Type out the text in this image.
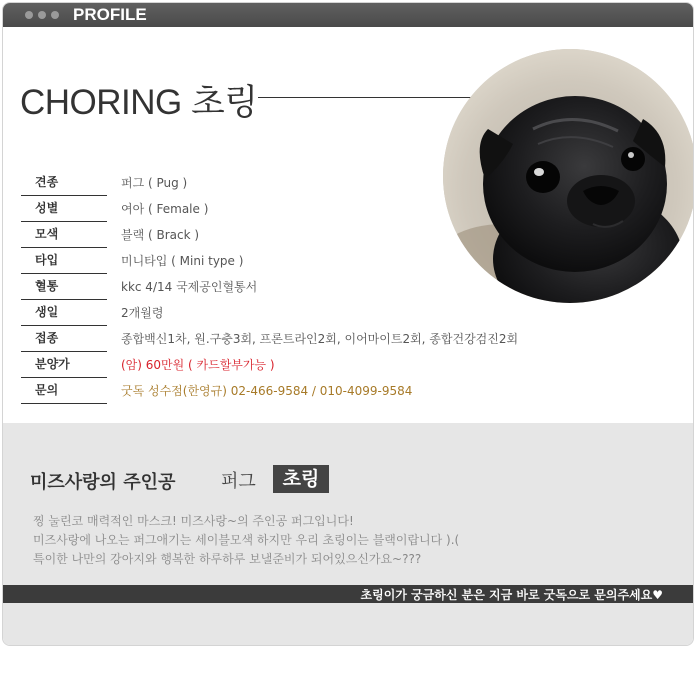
PROFILE
CHORING 초링
견종	퍼그 ( Pug )
성별	여아 ( Female )
모색	블랙 ( Brack )
타입	미니타입 ( Mini type )
혈통	kkc 4/14 국제공인혈통서
생일	2개월령
접종	종합백신1차, 원.구충3회, 프론트라인2회, 이어마이트2회, 종합건강검진2회
분양가	(암) 60만원 ( 카드할부가능 )
문의	굿독 성수점(한영규) 02-466-9584 / 010-4099-9584
미즈사랑의 주인공	퍼그	초링
찡 눌린코 매력적인 마스크! 미즈사랑~의 주인공 퍼그입니다!
미즈사랑에 나오는 퍼그애기는 세이블모색 하지만 우리 초링이는 블랙이랍니다 ).(
특이한 나만의 강아지와 행복한 하루하루 보낼준비가 되어있으신가요~???
초링이가 궁금하신 분은 지금 바로 굿독으로 문의주세요♥
